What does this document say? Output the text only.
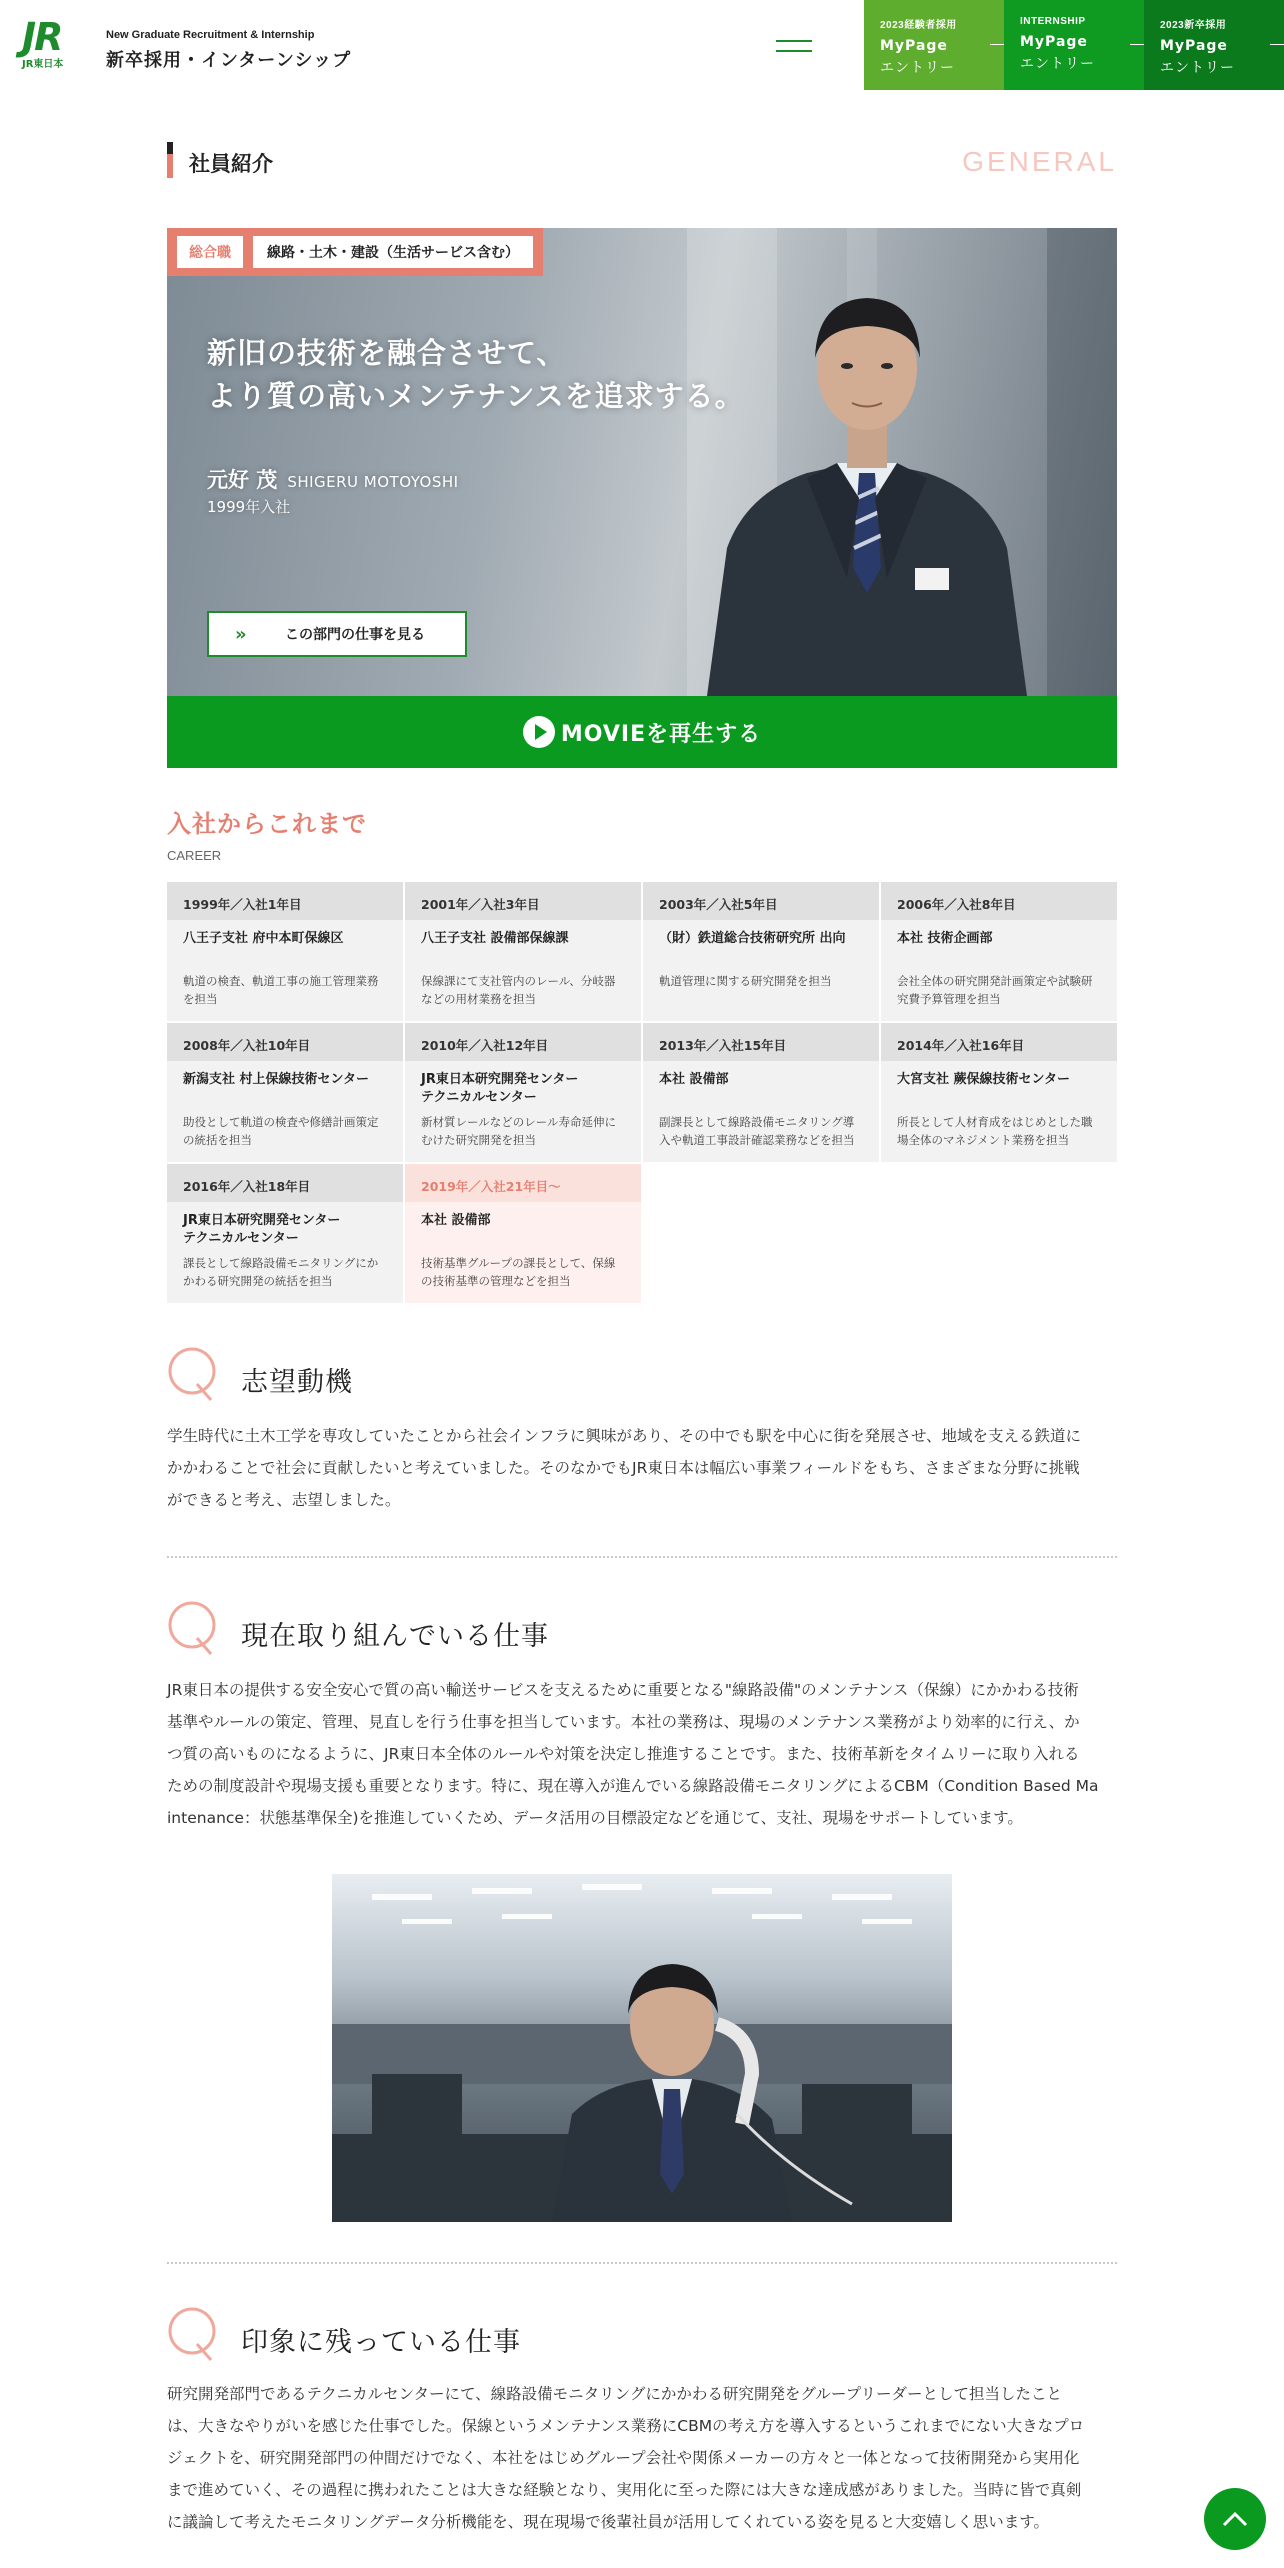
JR
JR東日本
New Graduate Recruitment & Internship
新卒採用・インターンシップ
2023経験者採用
MyPage
エントリー
INTERNSHIP
MyPage
エントリー
2023新卒採用
MyPage
エントリー
社員紹介	GENERAL
総合職	線路・土木・建設（生活サービス含む）
新旧の技術を融合させて、
より質の高いメンテナンスを追求する。
元好 茂 SHIGERU MOTOYOSHI
1999年入社
»	この部門の仕事を見る
MOVIEを再生する
入社からこれまで
CAREER
1999年／入社1年目
八王子支社 府中本町保線区
軌道の検査、軌道工事の施工管理業務を担当
2001年／入社3年目
八王子支社 設備部保線課
保線課にて支社管内のレール、分岐器などの用材業務を担当
2003年／入社5年目
（財）鉄道総合技術研究所 出向
軌道管理に関する研究開発を担当
2006年／入社8年目
本社 技術企画部
会社全体の研究開発計画策定や試験研究費予算管理を担当
2008年／入社10年目
新潟支社 村上保線技術センター
助役として軌道の検査や修繕計画策定の統括を担当
2010年／入社12年目
JR東日本研究開発センター
テクニカルセンター
新材質レールなどのレール寿命延伸にむけた研究開発を担当
2013年／入社15年目
本社 設備部
副課長として線路設備モニタリング導入や軌道工事設計確認業務などを担当
2014年／入社16年目
大宮支社 蕨保線技術センター
所長として人材育成をはじめとした職場全体のマネジメント業務を担当
2016年／入社18年目
JR東日本研究開発センター
テクニカルセンター
課長として線路設備モニタリングにかかわる研究開発の統括を担当
2019年／入社21年目〜
本社 設備部
技術基準グループの課長として、保線の技術基準の管理などを担当
志望動機
学生時代に土木工学を専攻していたことから社会インフラに興味があり、その中でも駅を中心に街を発展させ、地域を支える鉄道に
かかわることで社会に貢献したいと考えていました。そのなかでもJR東日本は幅広い事業フィールドをもち、さまざまな分野に挑戦
ができると考え、志望しました。
現在取り組んでいる仕事
JR東日本の提供する安全安心で質の高い輸送サービスを支えるために重要となる"線路設備"のメンテナンス（保線）にかかわる技術
基準やルールの策定、管理、見直しを行う仕事を担当しています。本社の業務は、現場のメンテナンス業務がより効率的に行え、か
つ質の高いものになるように、JR東日本全体のルールや対策を決定し推進することです。また、技術革新をタイムリーに取り入れる
ための制度設計や現場支援も重要となります。特に、現在導入が進んでいる線路設備モニタリングによるCBM（Condition Based Ma
intenance：状態基準保全)を推進していくため、データ活用の目標設定などを通じて、支社、現場をサポートしています。
印象に残っている仕事
研究開発部門であるテクニカルセンターにて、線路設備モニタリングにかかわる研究開発をグループリーダーとして担当したこと
は、大きなやりがいを感じた仕事でした。保線というメンテナンス業務にCBMの考え方を導入するというこれまでにない大きなプロ
ジェクトを、研究開発部門の仲間だけでなく、本社をはじめグループ会社や関係メーカーの方々と一体となって技術開発から実用化
まで進めていく、その過程に携われたことは大きな経験となり、実用化に至った際には大きな達成感がありました。当時に皆で真剣
に議論して考えたモニタリングデータ分析機能を、現在現場で後輩社員が活用してくれている姿を見ると大変嬉しく思います。
